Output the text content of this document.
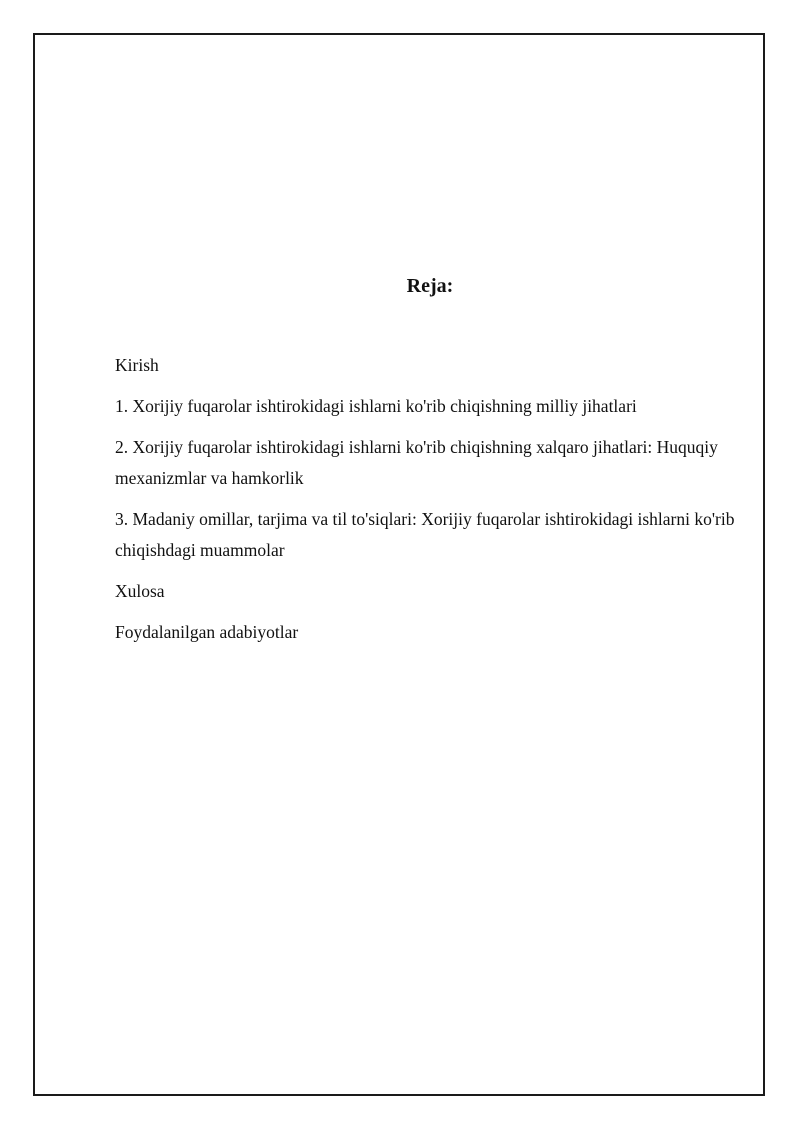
Reja:

Kirish

1. Xorijiy fuqarolar ishtirokidagi ishlarni ko'rib chiqishning milliy jihatlari

2. Xorijiy fuqarolar ishtirokidagi ishlarni ko'rib chiqishning xalqaro jihatlari: Huquqiy mexanizmlar va hamkorlik

3. Madaniy omillar, tarjima va til to'siqlari: Xorijiy fuqarolar ishtirokidagi ishlarni ko'rib chiqishdagi muammolar

Xulosa

Foydalanilgan adabiyotlar
